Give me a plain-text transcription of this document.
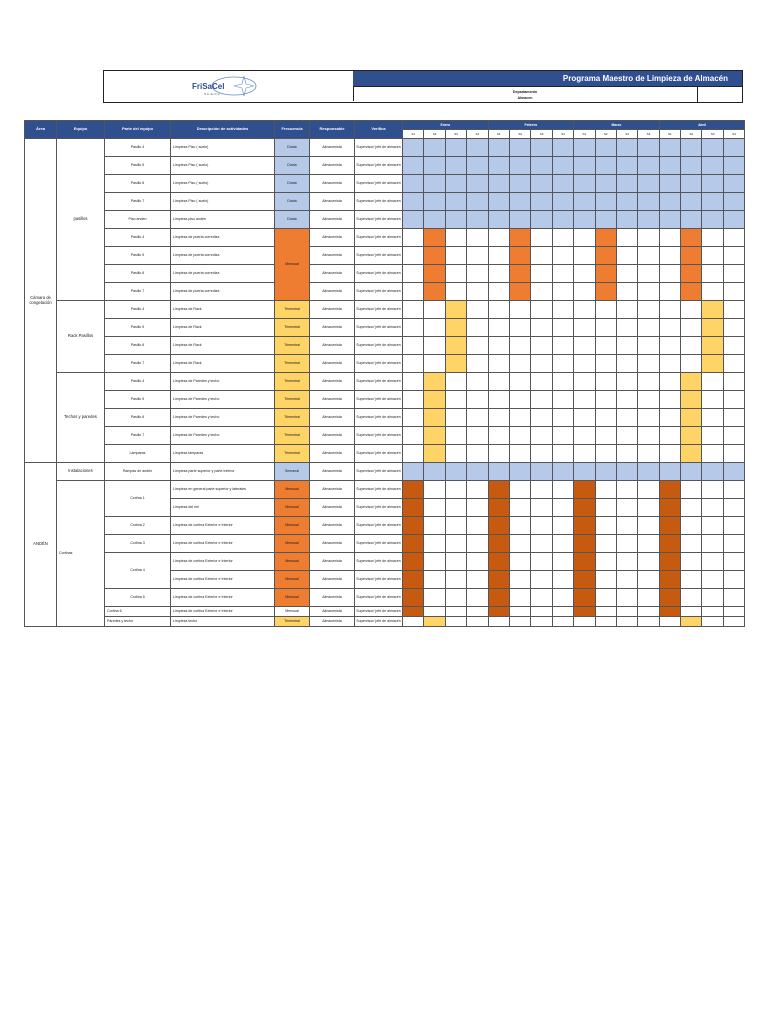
FriSaCel
S.A. de C.V.
Programa Maestro de Limpieza de Almacén
Departamento
Almacen
Área	Equipo	Parte del equipo	Descripción de actividades	Frecuencia	Responsable	Verifica	Enero				Febrero				Marzo				Abril			
							S1	S2	S3	S4	S1	S2	S3	S4	S1	S2	S3	S4	S1	S2	S3	S4
Cámara de congelación	pasillos	Pasillo 4	Limpieza Piso ( suelo)	Diaria	Almacenista	Supervisor/ jefe de almacen																
		Pasillo 5	Limpieza Piso ( suelo)	Diaria	Almacenista	Supervisor/ jefe de almacen																
		Pasillo 6	Limpieza Piso ( suelo)	Diaria	Almacenista	Supervisor/ jefe de almacen																
		Pasillo 7	Limpieza Piso ( suelo)	Diaria	Almacenista	Supervisor/ jefe de almacen																
		Piso anden	Limpieza piso andén	Diaria	Almacenista	Supervisor/ jefe de almacen																
		Pasillo 4	Limpieza de puerta corrediza	Mensual	Almacenista	Supervisor/ jefe de almacen																
		Pasillo 5	Limpieza de puerta corrediza		Almacenista	Supervisor/ jefe de almacen																
		Pasillo 6	Limpieza de puerta corrediza		Almacenista	Supervisor/ jefe de almacen																
		Pasillo 7	Limpieza de puerta corrediza		Almacenista	Supervisor/ jefe de almacen																
	Rack Pasillos	Pasillo 4	Limpieza de Rack	Trimestral	Almacenista	Supervisor/ jefe de almacen																
		Pasillo 5	Limpieza de Rack	Trimestral	Almacenista	Supervisor/ jefe de almacen																
		Pasillo 6	Limpieza de Rack	Trimestral	Almacenista	Supervisor/ jefe de almacen																
		Pasillo 7	Limpieza de Rack	Trimestral	Almacenista	Supervisor/ jefe de almacen																
	Techos y paredes	Pasillo 4	Limpieza de Paredes y techo	Trimestral	Almacenista	Supervisor/ jefe de almacen																
		Pasillo 5	Limpieza de Paredes y techo	Trimestral	Almacenista	Supervisor/ jefe de almacen																
		Pasillo 6	Limpieza de Paredes y techo	Trimestral	Almacenista	Supervisor/ jefe de almacen																
		Pasillo 7	Limpieza de Paredes y techo	Trimestral	Almacenista	Supervisor/ jefe de almacen																
		Lámparas	Limpieza lámparas	Trimestral	Almacenista	Supervisor/ jefe de almacen																
ANDÉN	Instalaciones	Rampas de andén	Limpieza parte superior y parte inferior	Semanal	Almacenista	Supervisor/ jefe de almacen																
	Cortinas	Cortina 1	Limpieza en general parte superior y laterales	Mensual	Almacenista	Supervisor/ jefe de almacen																
			Limpieza del riel	Mensual	Almacenista	Supervisor/ jefe de almacen																
		Cortina 2	Limpieza de cortina Exterior e Interior	Mensual	Almacenista	Supervisor/ jefe de almacen																
		Cortina 3	Limpieza de cortina Exterior e Interior	Mensual	Almacenista	Supervisor/ jefe de almacen																
		Cortina 4	Limpieza de cortina Exterior e Interior	Mensual	Almacenista	Supervisor/ jefe de almacen																
			Limpieza de cortina Exterior e Interior	Mensual	Almacenista	Supervisor/ jefe de almacen																
		Cortina 5	Limpieza de cortina Exterior e Interior	Mensual	Almacenista	Supervisor/ jefe de almacen																
		Cortina 6	Limpieza de cortina Exterior e Interior	Mensual	Almacenista	Supervisor/ jefe de almacen																
		Paredes y techo	Limpieza techo	Trimestral	Almacenista	Supervisor/ jefe de almacen																
